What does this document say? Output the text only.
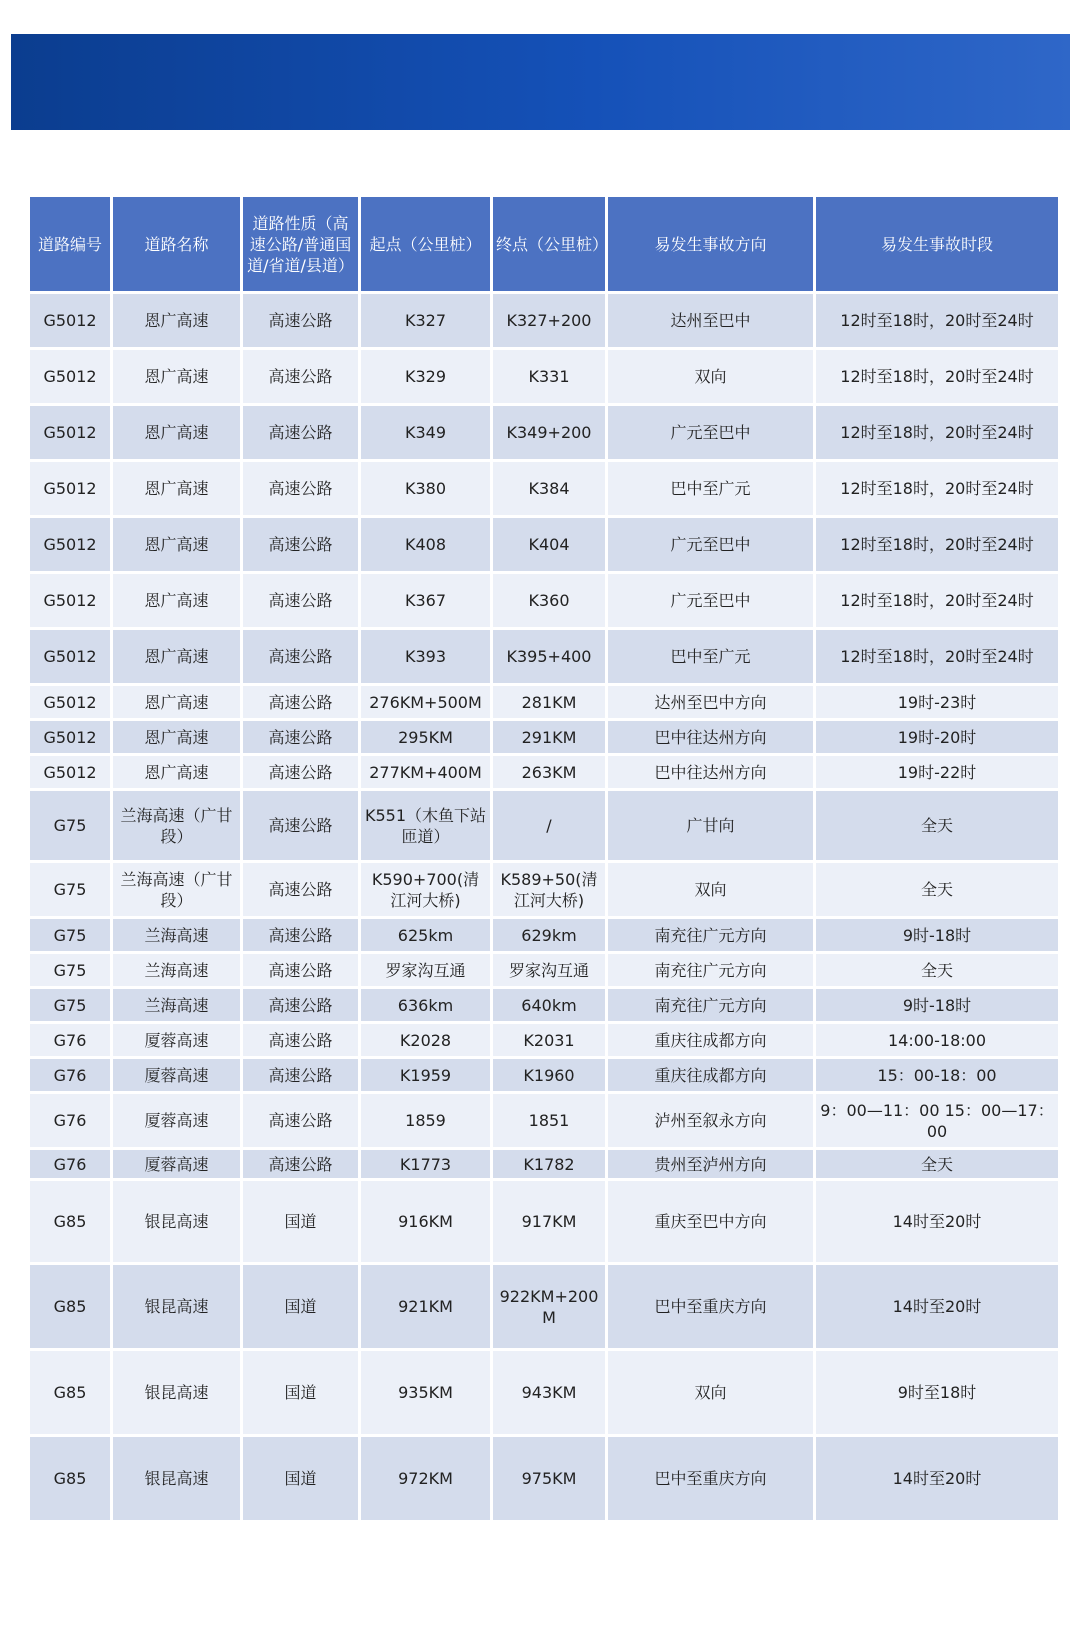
道路编号	道路名称	道路性质（高速公路/普通国道/省道/县道）	起点（公里桩）	终点（公里桩）	易发生事故方向	易发生事故时段
G5012	恩广高速	高速公路	K327	K327+200	达州至巴中	12时至18时，20时至24时
G5012	恩广高速	高速公路	K329	K331	双向	12时至18时，20时至24时
G5012	恩广高速	高速公路	K349	K349+200	广元至巴中	12时至18时，20时至24时
G5012	恩广高速	高速公路	K380	K384	巴中至广元	12时至18时，20时至24时
G5012	恩广高速	高速公路	K408	K404	广元至巴中	12时至18时，20时至24时
G5012	恩广高速	高速公路	K367	K360	广元至巴中	12时至18时，20时至24时
G5012	恩广高速	高速公路	K393	K395+400	巴中至广元	12时至18时，20时至24时
G5012	恩广高速	高速公路	276KM+500M	281KM	达州至巴中方向	19时-23时
G5012	恩广高速	高速公路	295KM	291KM	巴中往达州方向	19时-20时
G5012	恩广高速	高速公路	277KM+400M	263KM	巴中往达州方向	19时-22时
G75	兰海高速（广甘段）	高速公路	K551（木鱼下站匝道）	/	广甘向	全天
G75	兰海高速（广甘段）	高速公路	K590+700(清江河大桥)	K589+50(清江河大桥)	双向	全天
G75	兰海高速	高速公路	625km	629km	南充往广元方向	9时-18时
G75	兰海高速	高速公路	罗家沟互通	罗家沟互通	南充往广元方向	全天
G75	兰海高速	高速公路	636km	640km	南充往广元方向	9时-18时
G76	厦蓉高速	高速公路	K2028	K2031	重庆往成都方向	14:00-18:00
G76	厦蓉高速	高速公路	K1959	K1960	重庆往成都方向	15：00-18：00
G76	厦蓉高速	高速公路	1859	1851	泸州至叙永方向	9：00—11：00 15：00—17：00
G76	厦蓉高速	高速公路	K1773	K1782	贵州至泸州方向	全天
G85	银昆高速	国道	916KM	917KM	重庆至巴中方向	14时至20时
G85	银昆高速	国道	921KM	922KM+200M	巴中至重庆方向	14时至20时
G85	银昆高速	国道	935KM	943KM	双向	9时至18时
G85	银昆高速	国道	972KM	975KM	巴中至重庆方向	14时至20时
